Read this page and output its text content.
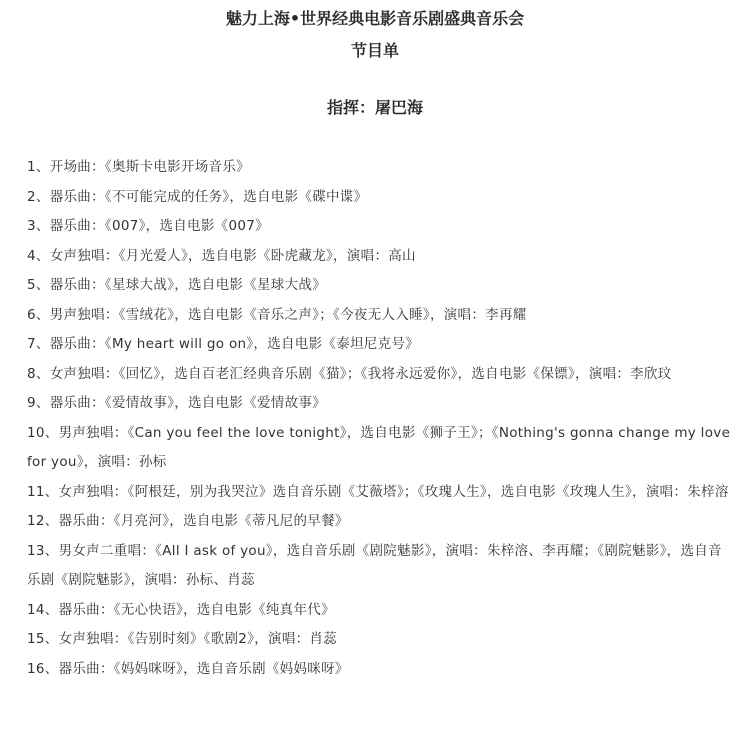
魅力上海•世界经典电影音乐剧盛典音乐会
节目单
指挥：屠巴海
1、开场曲：《奥斯卡电影开场音乐》
2、器乐曲：《不可能完成的任务》，选自电影《碟中谍》
3、器乐曲：《007》，选自电影《007》
4、女声独唱：《月光爱人》，选自电影《卧虎藏龙》，演唱：高山
5、器乐曲：《星球大战》，选自电影《星球大战》
6、男声独唱：《雪绒花》，选自电影《音乐之声》；《今夜无人入睡》，演唱：李再耀
7、器乐曲：《My heart will go on》，选自电影《泰坦尼克号》
8、女声独唱：《回忆》，选自百老汇经典音乐剧《猫》；《我将永远爱你》，选自电影《保镖》，演唱：李欣玟
9、器乐曲：《爱情故事》，选自电影《爱情故事》
10、男声独唱：《Can you feel the love tonight》，选自电影《狮子王》；《Nothing's gonna change my love for you》，演唱：孙标
11、女声独唱：《阿根廷，别为我哭泣》选自音乐剧《艾薇塔》；《玫瑰人生》，选自电影《玫瑰人生》，演唱：朱梓溶
12、器乐曲：《月亮河》，选自电影《蒂凡尼的早餐》
13、男女声二重唱：《All I ask of you》，选自音乐剧《剧院魅影》，演唱：朱梓溶、李再耀；《剧院魅影》，选自音乐剧《剧院魅影》，演唱：孙标、肖蕊
14、器乐曲：《无心快语》，选自电影《纯真年代》
15、女声独唱：《告别时刻》《歌剧2》，演唱：肖蕊
16、器乐曲：《妈妈咪呀》，选自音乐剧《妈妈咪呀》
